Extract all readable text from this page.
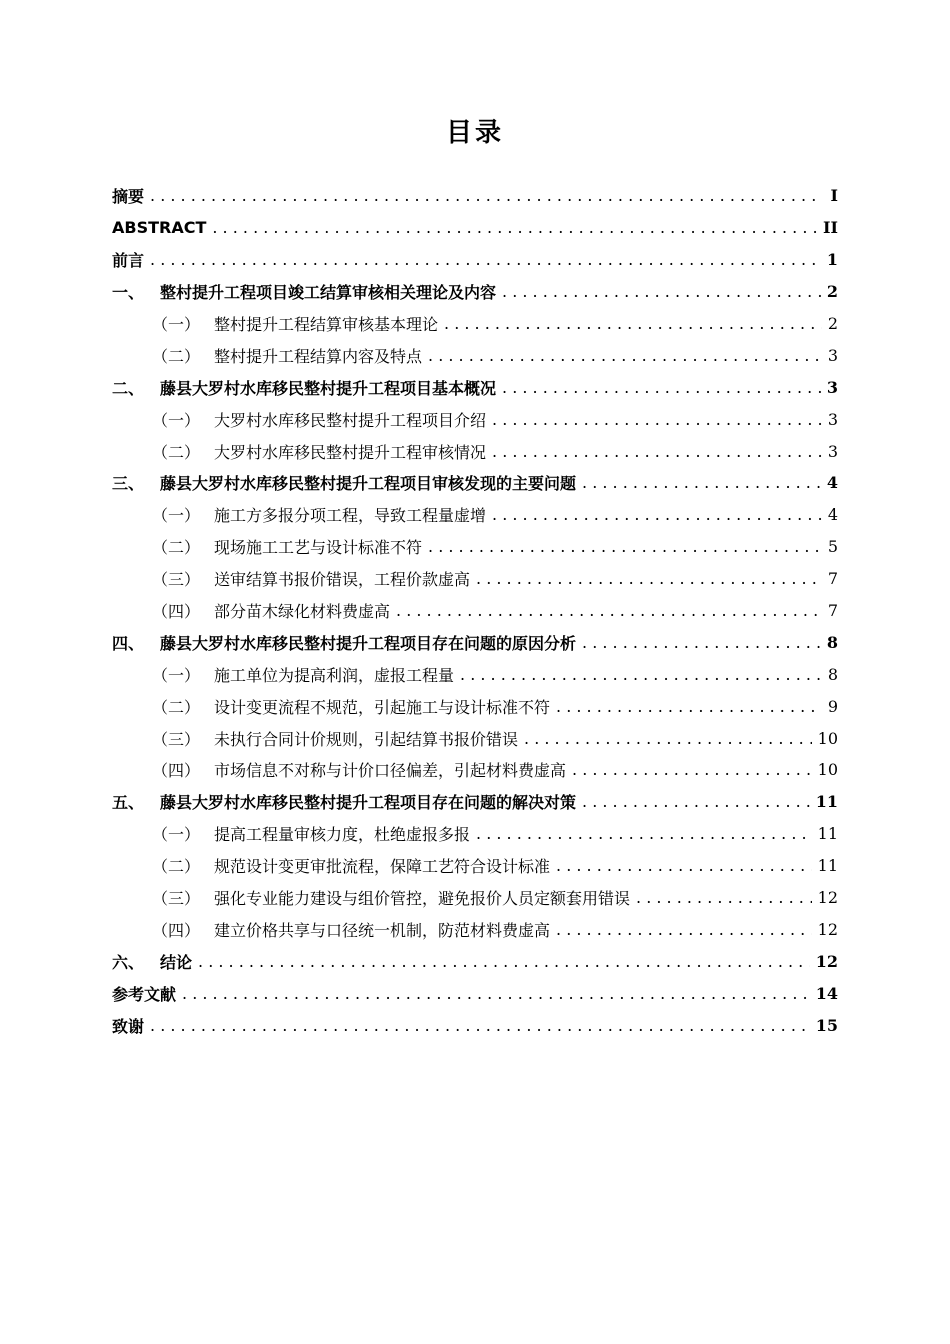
目录
摘要 . . .	I
ABSTRACT . . .	II
前言 . . .	1
一、 整村提升工程项目竣工结算审核相关理论及内容 . . .	2
（一） 整村提升工程结算审核基本理论 . . .	2
（二） 整村提升工程结算内容及特点 . . .	3
二、 藤县大罗村水库移民整村提升工程项目基本概况 . . .	3
（一） 大罗村水库移民整村提升工程项目介绍 . . .	3
（二） 大罗村水库移民整村提升工程审核情况 . . .	3
三、 藤县大罗村水库移民整村提升工程项目审核发现的主要问题 . . .	4
（一） 施工方多报分项工程，导致工程量虚增 . . .	4
（二） 现场施工工艺与设计标准不符 . . .	5
（三） 送审结算书报价错误，工程价款虚高 . . .	7
（四） 部分苗木绿化材料费虚高 . . .	7
四、 藤县大罗村水库移民整村提升工程项目存在问题的原因分析 . . .	8
（一） 施工单位为提高利润，虚报工程量 . . .	8
（二） 设计变更流程不规范，引起施工与设计标准不符 . . .	9
（三） 未执行合同计价规则，引起结算书报价错误 . . .	10
（四） 市场信息不对称与计价口径偏差，引起材料费虚高 . . .	10
五、 藤县大罗村水库移民整村提升工程项目存在问题的解决对策 . . .	11
（一） 提高工程量审核力度，杜绝虚报多报 . . .	11
（二） 规范设计变更审批流程，保障工艺符合设计标准 . . .	11
（三） 强化专业能力建设与组价管控，避免报价人员定额套用错误 . . .	12
（四） 建立价格共享与口径统一机制，防范材料费虚高 . . .	12
六、 结论 . . .	12
参考文献 . . .	14
致谢 . . .	15
